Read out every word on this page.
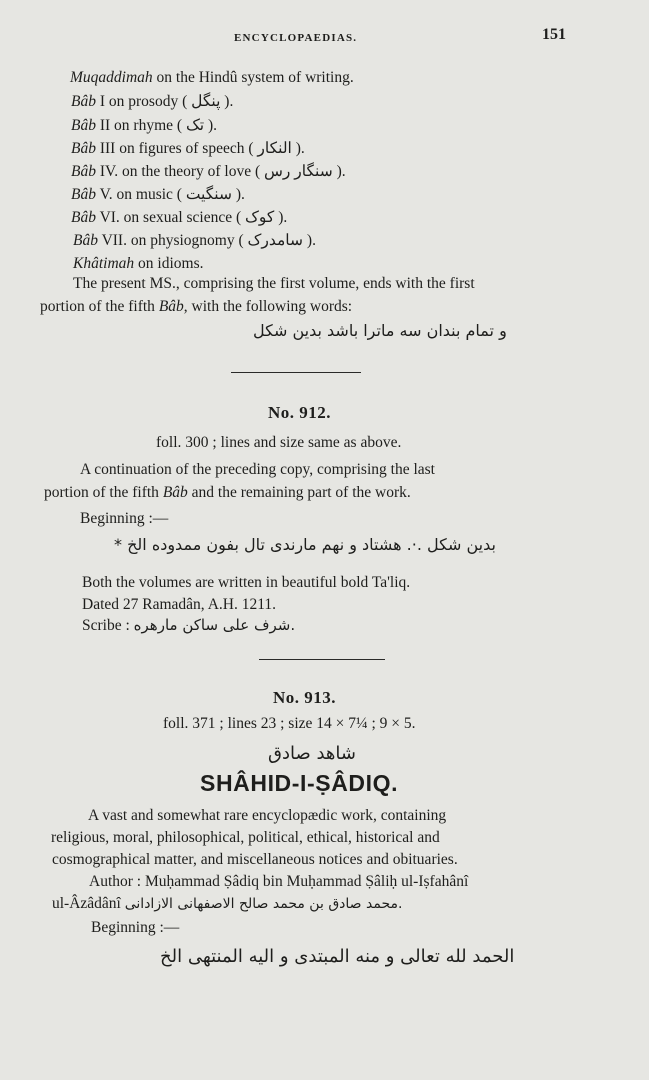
ENCYCLOPAEDIAS.	151
Muqaddimah on the Hindû system of writing.
Bâb I on prosody ( پنگل ).
Bâb II on rhyme ( تک ).
Bâb III on figures of speech ( النکار ).
Bâb IV. on the theory of love ( سنگار رس ).
Bâb V. on music ( سنگیت ).
Bâb VI. on sexual science ( کوک ).
Bâb VII. on physiognomy ( سامدرک ).
Khâtimah on idioms.
The present MS., comprising the first volume, ends with the first
portion of the fifth Bâb, with the following words:
و تمام بندان سه ماترا باشد بدین شکل
No. 912.
foll. 300 ; lines and size same as above.
A continuation of the preceding copy, comprising the last
portion of the fifth Bâb and the remaining part of the work.
Beginning :—
بدین شکل .·. هشتاد و نهم مارندی تال بفون ممدوده الخ *
Both the volumes are written in beautiful bold Ta'liq.
Dated 27 Ramadân, A.H. 1211.
Scribe : شرف علی ساکن مارهره.
No. 913.
foll. 371 ; lines 23 ; size 14 × 7¼ ; 9 × 5.
شاهد صادق
SHÂHID-I-ṢÂDIQ.
A vast and somewhat rare encyclopædic work, containing
religious, moral, philosophical, political, ethical, historical and
cosmographical matter, and miscellaneous notices and obituaries.
Author : Muḥammad Ṣâdiq bin Muḥammad Ṣâliḥ ul-Iṣfahânî
ul-Âzâdânî محمد صادق بن محمد صالح الاصفهانی الازادانی.
Beginning :—
الحمد لله تعالی و منه المبتدی و الیه المنتهی الخ
